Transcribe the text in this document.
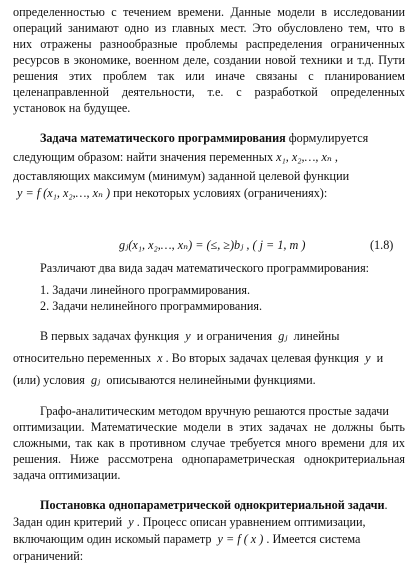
определенностью с течением времени. Данные модели в исследовании
операций занимают одно из главных мест. Это обусловлено тем, что в
них отражены разнообразные проблемы распределения ограниченных
ресурсов в экономике, военном деле, создании новой техники и т.д. Пути
решения этих проблем так или иначе связаны с планированием
целенаправленной деятельности, т.е. с разработкой определенных
установок на будущее.
Задача математического программирования формулируется
следующим образом: найти значения переменных x₁, x₂,…, xₙ ,
доставляющих максимум (минимум) заданной целевой функции
y = f (x₁, x₂,…, xₙ ) при некоторых условиях (ограничениях):
gⱼ(x₁, x₂,…, xₙ) = (≤, ≥)bⱼ , ( j = 1, m )	(1.8)
Различают два вида задач математического программирования:
1. Задачи линейного программирования.
2. Задачи нелинейного программирования.
В первых задачах функция y и ограничения gⱼ линейны
относительно переменных x . Во вторых задачах целевая функция y и
(или) условия gⱼ описываются нелинейными функциями.
Графо-аналитическим методом вручную решаются простые задачи
оптимизации. Математические модели в этих задачах не должны быть
сложными, так как в противном случае требуется много времени для их
решения. Ниже рассмотрена однопараметрическая однокритериальная
задача оптимизации.
Постановка однопараметрической однокритериальной задачи.
Задан один критерий y . Процесс описан уравнением оптимизации,
включающим один искомый параметр y = f ( x ) . Имеется система
ограничений:
